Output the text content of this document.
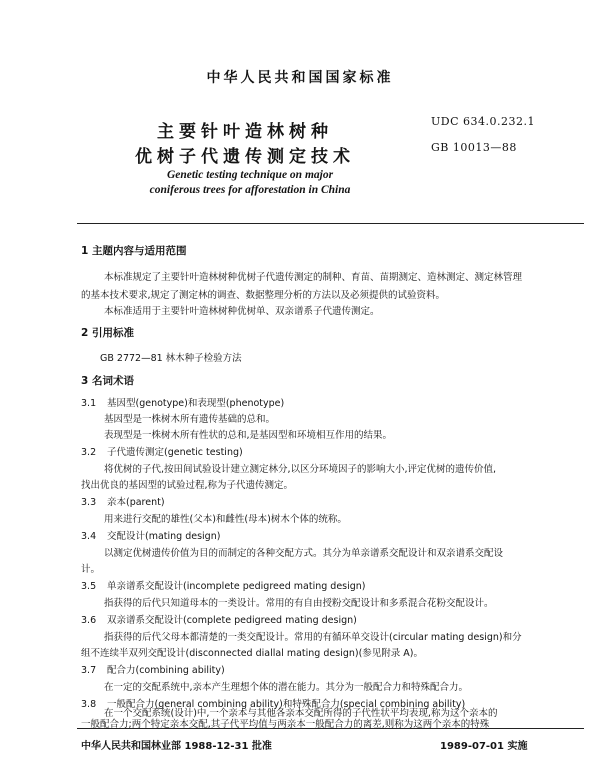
中华人民共和国国家标准
主要针叶造林树种
优树子代遗传测定技术
UDC 634.0.232.1
GB 10013—88
Genetic testing technique on major
coniferous trees for afforestation in China
1 主题内容与适用范围
本标准规定了主要针叶造林树种优树子代遗传测定的制种、育苗、苗期测定、造林测定、测定林管理
的基本技术要求,规定了测定林的调查、数据整理分析的方法以及必须提供的试验资料。
本标准适用于主要针叶造林树种优树单、双亲谱系子代遗传测定。
2 引用标准
GB 2772—81 林木种子检验方法
3 名词术语
3.1 基因型(genotype)和表现型(phenotype)
基因型是一株树木所有遗传基础的总和。
表现型是一株树木所有性状的总和,是基因型和环境相互作用的结果。
3.2 子代遗传测定(genetic testing)
将优树的子代,按田间试验设计建立测定林分,以区分环境因子的影响大小,评定优树的遗传价值,
找出优良的基因型的试验过程,称为子代遗传测定。
3.3 亲本(parent)
用来进行交配的雄性(父本)和雌性(母本)树木个体的统称。
3.4 交配设计(mating design)
以测定优树遗传价值为目的而制定的各种交配方式。其分为单亲谱系交配设计和双亲谱系交配设
计。
3.5 单亲谱系交配设计(incomplete pedigreed mating design)
指获得的后代只知道母本的一类设计。常用的有自由授粉交配设计和多系混合花粉交配设计。
3.6 双亲谱系交配设计(complete pedigreed mating design)
指获得的后代父母本都清楚的一类交配设计。常用的有循环单交设计(circular mating design)和分
组不连续半双列交配设计(disconnected diallal mating design)(参见附录 A)。
3.7 配合力(combining ability)
在一定的交配系统中,亲本产生理想个体的潜在能力。其分为一般配合力和特殊配合力。
3.8 一般配合力(general combining ability)和特殊配合力(special combining ability)
在一个交配系统(设计)中,一个亲本与其他各亲本交配所得的子代性状平均表现,称为这个亲本的
一般配合力;两个特定亲本交配,其子代平均值与两亲本一般配合力的离差,则称为这两个亲本的特殊
中华人民共和国林业部 1988-12-31 批准	1989-07-01 实施
